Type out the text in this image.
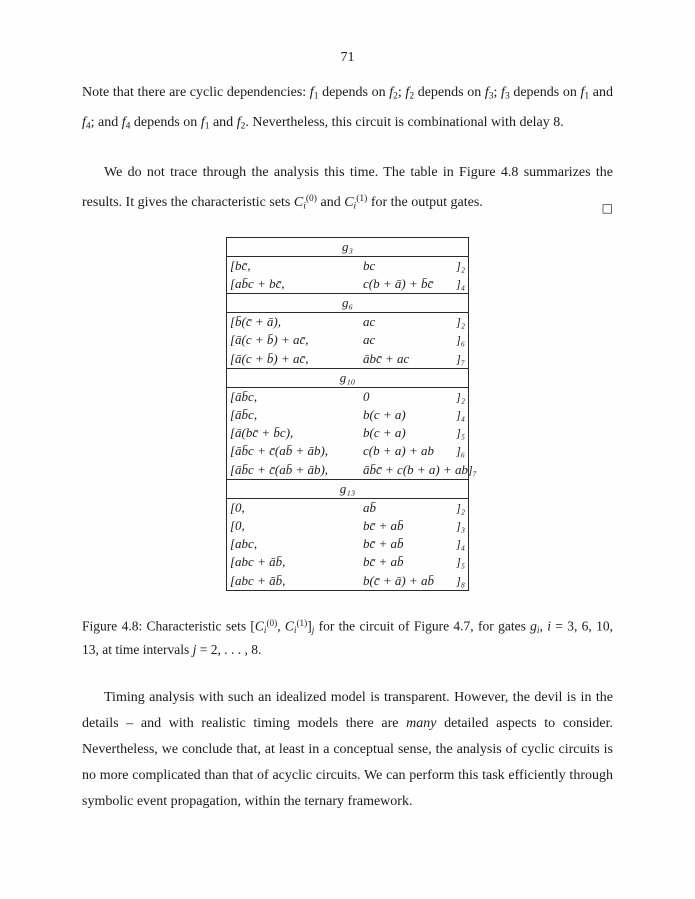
71

Note that there are cyclic dependencies: f1 depends on f2; f2 depends on f3; f3 depends on f1 and f4; and f4 depends on f1 and f2. Nevertheless, this circuit is combinational with delay 8.

□
We do not trace through the analysis this time. The table in Figure 4.8 summarizes the results. It gives the characteristic sets Ci$^{(0)}$ and Ci$^{(1)}$ for the output gates.

g₃
[bc̄,	bc	]₂
[ab̄c + bc̄,	c(b + ā) + b̄c̄	]₄
g₆
[b̄(c̄ + ā),	ac	]₂
[ā(c + b̄) + ac̄,	ac	]₆
[ā(c + b̄) + ac̄,	ābc̄ + ac	]₇
g₁₀
[āb̄c,	0	]₂
[āb̄c,	b(c + a)	]₄
[ā(bc̄ + b̄c),	b(c + a)	]₅
[āb̄c + c̄(ab̄ + āb),	c(b + a) + ab	]₆
[āb̄c + c̄(ab̄ + āb),	āb̄c̄ + c(b + a) + ab ]₇
g₁₃
[0,	ab̄	]₂
[0,	bc̄ + ab̄	]₃
[abc,	bc̄ + ab̄	]₄
[abc + āb̄,	bc̄ + ab̄	]₅
[abc + āb̄,	b(c̄ + ā) + ab̄	]₈

Figure 4.8: Characteristic sets [Ci$^{(0)}$, Ci$^{(1)}$]j for the circuit of Figure 4.7, for gates gi, i = 3, 6, 10, 13, at time intervals j = 2, . . . , 8.

Timing analysis with such an idealized model is transparent. However, the devil is in the details – and with realistic timing models there are many detailed aspects to consider. Nevertheless, we conclude that, at least in a conceptual sense, the analysis of cyclic circuits is no more complicated than that of acyclic circuits. We can perform this task efficiently through symbolic event propagation, within the ternary framework.
